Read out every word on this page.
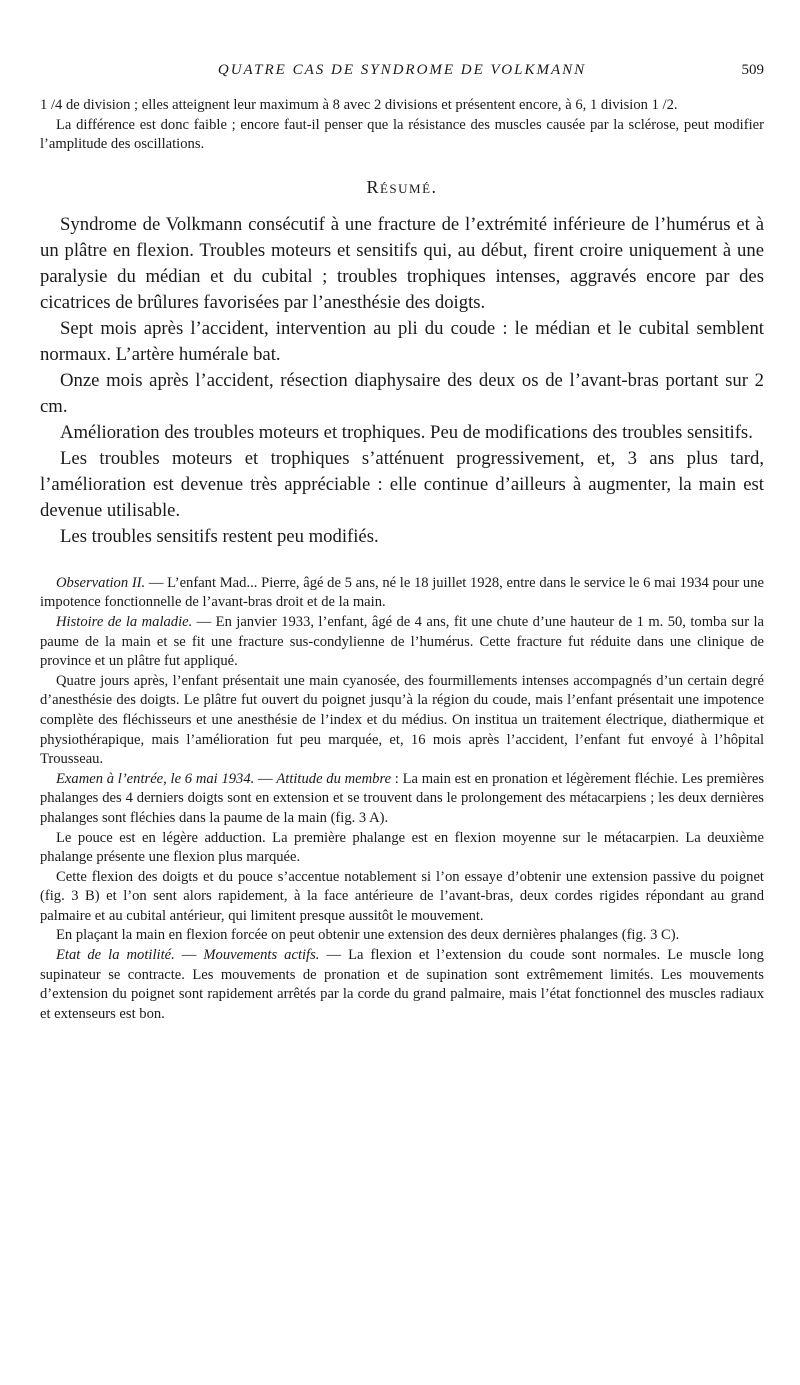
QUATRE CAS DE SYNDROME DE VOLKMANN	509

1 /4 de division ; elles atteignent leur maximum à 8 avec 2 divisions et présentent encore, à 6, 1 division 1 /2.

La différence est donc faible ; encore faut-il penser que la résistance des muscles causée par la sclérose, peut modifier l’amplitude des oscillations.

Résumé.

Syndrome de Volkmann consécutif à une fracture de l’extrémité inférieure de l’humérus et à un plâtre en flexion. Troubles moteurs et sensitifs qui, au début, firent croire uniquement à une paralysie du médian et du cubital ; troubles trophiques intenses, aggravés encore par des cicatrices de brûlures favorisées par l’anesthésie des doigts.

Sept mois après l’accident, intervention au pli du coude : le médian et le cubital semblent normaux. L’artère humérale bat.

Onze mois après l’accident, résection diaphysaire des deux os de l’avant-bras portant sur 2 cm.

Amélioration des troubles moteurs et trophiques. Peu de modifications des troubles sensitifs.

Les troubles moteurs et trophiques s’atténuent progressivement, et, 3 ans plus tard, l’amélioration est devenue très appréciable : elle continue d’ailleurs à augmenter, la main est devenue utilisable.

Les troubles sensitifs restent peu modifiés.

Observation II. — L’enfant Mad... Pierre, âgé de 5 ans, né le 18 juillet 1928, entre dans le service le 6 mai 1934 pour une impotence fonctionnelle de l’avant-bras droit et de la main.

Histoire de la maladie. — En janvier 1933, l’enfant, âgé de 4 ans, fit une chute d’une hauteur de 1 m. 50, tomba sur la paume de la main et se fit une fracture sus-condylienne de l’humérus. Cette fracture fut réduite dans une clinique de province et un plâtre fut appliqué.

Quatre jours après, l’enfant présentait une main cyanosée, des fourmillements intenses accompagnés d’un certain degré d’anesthésie des doigts. Le plâtre fut ouvert du poignet jusqu’à la région du coude, mais l’enfant présentait une impotence complète des fléchisseurs et une anesthésie de l’index et du médius. On institua un traitement électrique, diathermique et physiothérapique, mais l’amélioration fut peu marquée, et, 16 mois après l’accident, l’enfant fut envoyé à l’hôpital Trousseau.

Examen à l’entrée, le 6 mai 1934. — Attitude du membre : La main est en pronation et légèrement fléchie. Les premières phalanges des 4 derniers doigts sont en extension et se trouvent dans le prolongement des métacarpiens ; les deux dernières phalanges sont fléchies dans la paume de la main (fig. 3 A).

Le pouce est en légère adduction. La première phalange est en flexion moyenne sur le métacarpien. La deuxième phalange présente une flexion plus marquée.

Cette flexion des doigts et du pouce s’accentue notablement si l’on essaye d’obtenir une extension passive du poignet (fig. 3 B) et l’on sent alors rapidement, à la face antérieure de l’avant-bras, deux cordes rigides répondant au grand palmaire et au cubital antérieur, qui limitent presque aussitôt le mouvement.

En plaçant la main en flexion forcée on peut obtenir une extension des deux dernières phalanges (fig. 3 C).

Etat de la motilité. — Mouvements actifs. — La flexion et l’extension du coude sont normales. Le muscle long supinateur se contracte. Les mouvements de pronation et de supination sont extrêmement limités. Les mouvements d’extension du poignet sont rapidement arrêtés par la corde du grand palmaire, mais l’état fonctionnel des muscles radiaux et extenseurs est bon.
